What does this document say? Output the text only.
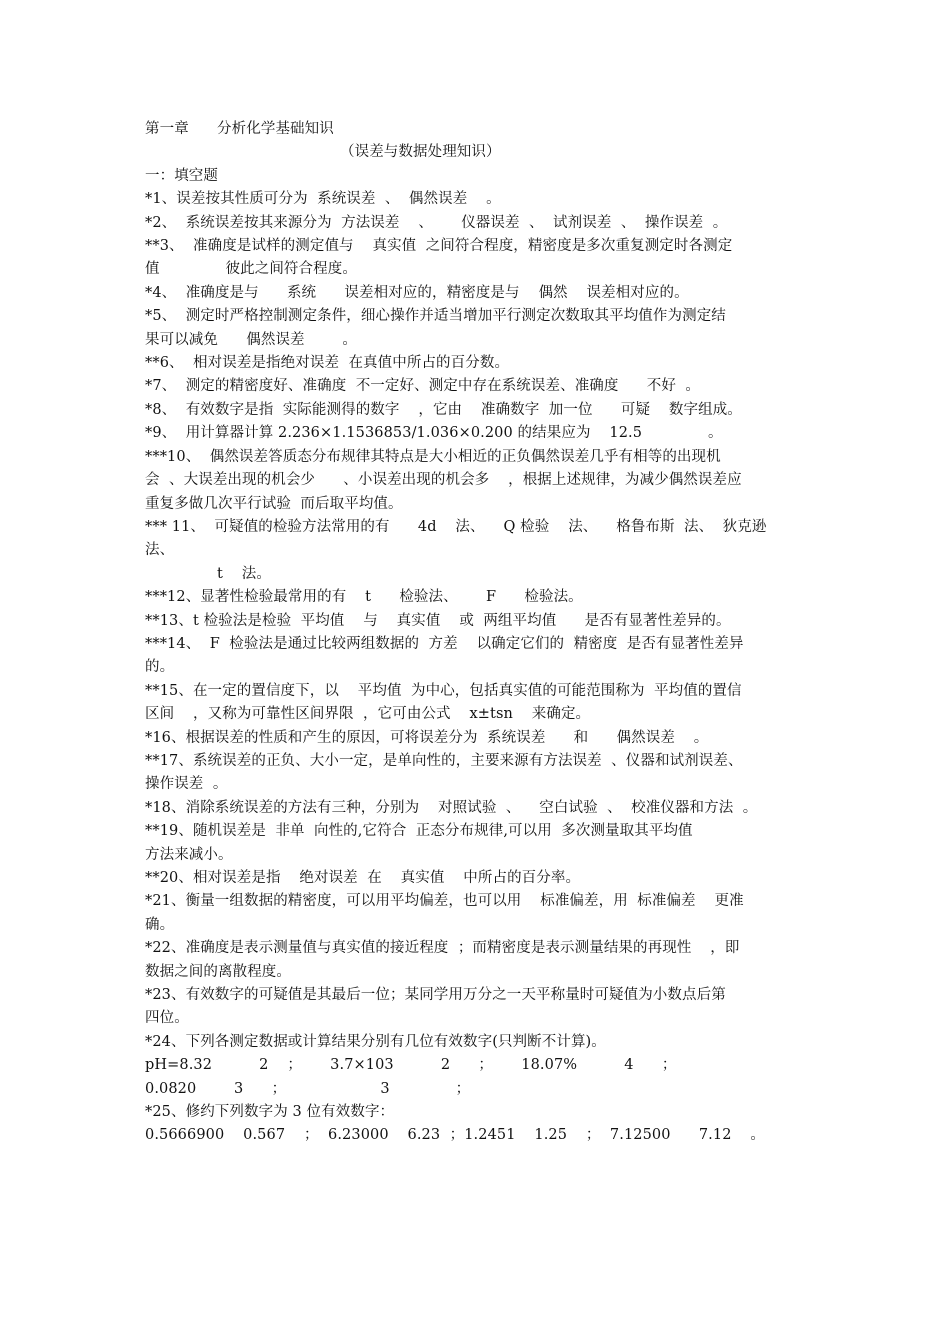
第一章      分析化学基础知识
（误差与数据处理知识）
一：填空题
*1、误差按其性质可分为  系统误差  、  偶然误差    。
*2、  系统误差按其来源分为  方法误差    、      仪器误差  、  试剂误差  、  操作误差  。
**3、  准确度是试样的测定值与    真实值  之间符合程度，精密度是多次重复测定时各测定
值              彼此之间符合程度。
*4、  准确度是与      系统      误差相对应的，精密度是与    偶然    误差相对应的。
*5、  测定时严格控制测定条件，细心操作并适当增加平行测定次数取其平均值作为测定结
果可以减免      偶然误差        。
**6、  相对误差是指绝对误差  在真值中所占的百分数。
*7、  测定的精密度好、准确度  不一定好、测定中存在系统误差、准确度      不好  。
*8、  有效数字是指  实际能测得的数字    ，它由    准确数字  加一位      可疑    数字组成。
*9、  用计算器计算 2.236×1.1536853/1.036×0.200 的结果应为    12.5              。
***10、  偶然误差答质态分布规律其特点是大小相近的正负偶然误差几乎有相等的出现机
会  、大误差出现的机会少      、小误差出现的机会多    ，根据上述规律，为减少偶然误差应
重复多做几次平行试验  而后取平均值。
*** 11、  可疑值的检验方法常用的有      4d    法、    Q 检验    法、    格鲁布斯  法、  狄克逊
法、
t    法。
***12、显著性检验最常用的有    t      检验法、      F      检验法。
**13、t 检验法是检验  平均值    与    真实值    或  两组平均值      是否有显著性差异的。
***14、  F  检验法是通过比较两组数据的  方差    以确定它们的  精密度  是否有显著性差异
的。
**15、在一定的置信度下，以    平均值  为中心，包括真实值的可能范围称为  平均值的置信
区间    ，又称为可靠性区间界限  ，它可由公式    x±tsn    来确定。
*16、根据误差的性质和产生的原因，可将误差分为  系统误差      和      偶然误差    。
**17、系统误差的正负、大小一定，是单向性的，主要来源有方法误差  、仪器和试剂误差、
操作误差  。
*18、消除系统误差的方法有三种，分别为    对照试验  、    空白试验  、  校准仪器和方法  。
**19、随机误差是  非单  向性的,它符合  正态分布规律,可以用  多次测量取其平均值
方法来减小。
**20、相对误差是指    绝对误差  在    真实值    中所占的百分率。
*21、衡量一组数据的精密度，可以用平均偏差，也可以用    标准偏差，用  标准偏差    更准
确。
*22、准确度是表示测量值与真实值的接近程度  ；而精密度是表示测量结果的再现性    ，即
数据之间的离散程度。
*23、有效数字的可疑值是其最后一位；某同学用万分之一天平称量时可疑值为小数点后第
四位。
*24、下列各测定数据或计算结果分别有几位有效数字(只判断不计算)。
pH=8.32          2    ；      3.7×103          2      ；      18.07%          4      ；
0.0820        3      ；                    3              ；
*25、修约下列数字为 3 位有效数字：
0.5666900    0.567    ；  6.23000    6.23  ；1.2451    1.25    ；  7.12500      7.12    。
